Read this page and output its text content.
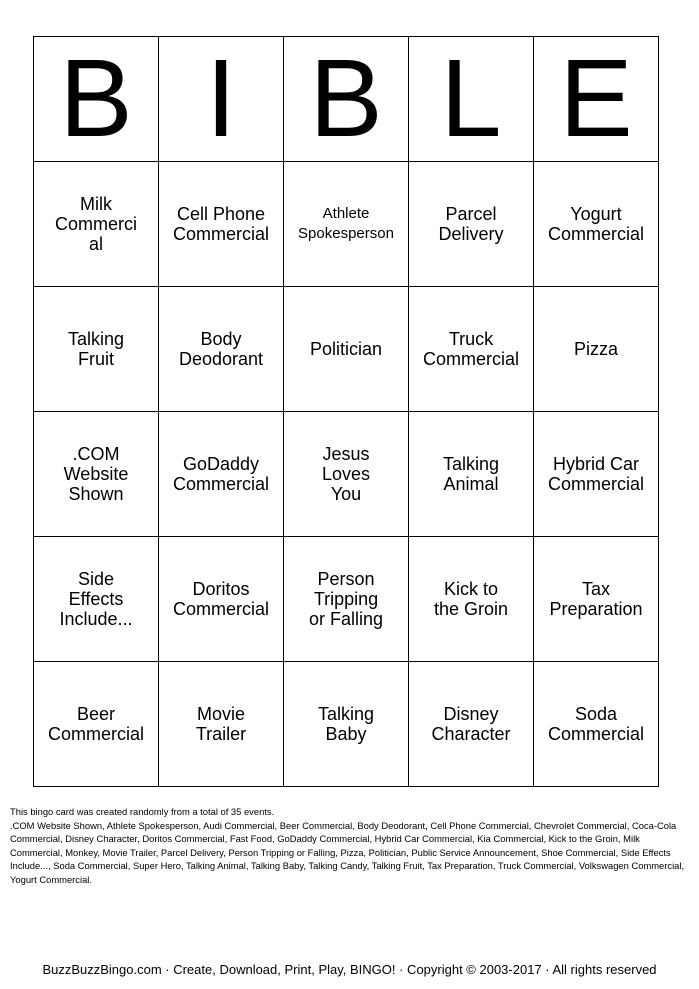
B	I	B	L	E
Milk Commercial	Cell Phone Commercial	Athlete Spokesperson	Parcel Delivery	Yogurt Commercial
Talking Fruit	Body Deodorant	Politician	Truck Commercial	Pizza
.COM Website Shown	GoDaddy Commercial	Jesus Loves You	Talking Animal	Hybrid Car Commercial
Side Effects Include...	Doritos Commercial	Person Tripping or Falling	Kick to the Groin	Tax Preparation
Beer Commercial	Movie Trailer	Talking Baby	Disney Character	Soda Commercial

This bingo card was created randomly from a total of 35 events.

.COM Website Shown, Athlete Spokesperson, Audi Commercial, Beer Commercial, Body Deodorant, Cell Phone Commercial, Chevrolet Commercial, Coca-Cola Commercial, Disney Character, Doritos Commercial, Fast Food, GoDaddy Commercial, Hybrid Car Commercial, Kia Commercial, Kick to the Groin, Milk Commercial, Monkey, Movie Trailer, Parcel Delivery, Person Tripping or Falling, Pizza, Politician, Public Service Announcement, Shoe Commercial, Side Effects Include..., Soda Commercial, Super Hero, Talking Animal, Talking Baby, Talking Candy, Talking Fruit, Tax Preparation, Truck Commercial, Volkswagen Commercial, Yogurt Commercial.

BuzzBuzzBingo.com · Create, Download, Print, Play, BINGO! · Copyright © 2003-2017 · All rights reserved
